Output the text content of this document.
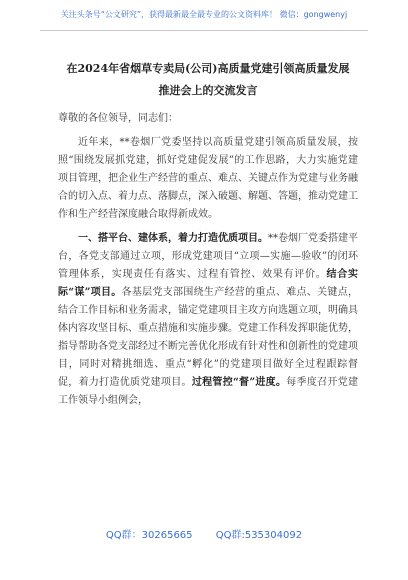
关注头条号“公文研究”，获得最新最全最专业的公文资料库！ 微信：gongwenyj
在2024年省烟草专卖局(公司)高质量党建引领高质量发展
推进会上的交流发言
尊敬的各位领导，同志们：

近年来，**卷烟厂党委坚持以高质量党建引领高质量发展，按照“围绕发展抓党建，抓好党建促发展”的工作思路，大力实施党建项目管理，把企业生产经营的重点、难点、关键点作为党建与业务融合的切入点、着力点、落脚点，深入破题、解题、答题，推动党建工作和生产经营深度融合取得新成效。

一、搭平台、建体系，着力打造优质项目。**卷烟厂党委搭建平台，各党支部通过立项，形成党建项目“立项—实施—验收”的闭环管理体系，实现责任有落实、过程有管控、效果有评价。结合实际“谋”项目。各基层党支部围绕生产经营的重点、难点、关键点，结合工作目标和业务需求，锚定党建项目主攻方向选题立项，明确具体内容攻坚目标、重点措施和实施步骤。党建工作科发挥职能优势，指导帮助各党支部经过不断完善优化形成有针对性和创新性的党建项目，同时对精挑细选、重点“孵化”的党建项目做好全过程跟踪督促，着力打造优质党建项目。过程管控“督”进度。每季度召开党建工作领导小组例会，

QQ群：30265665 QQ群:535304092
